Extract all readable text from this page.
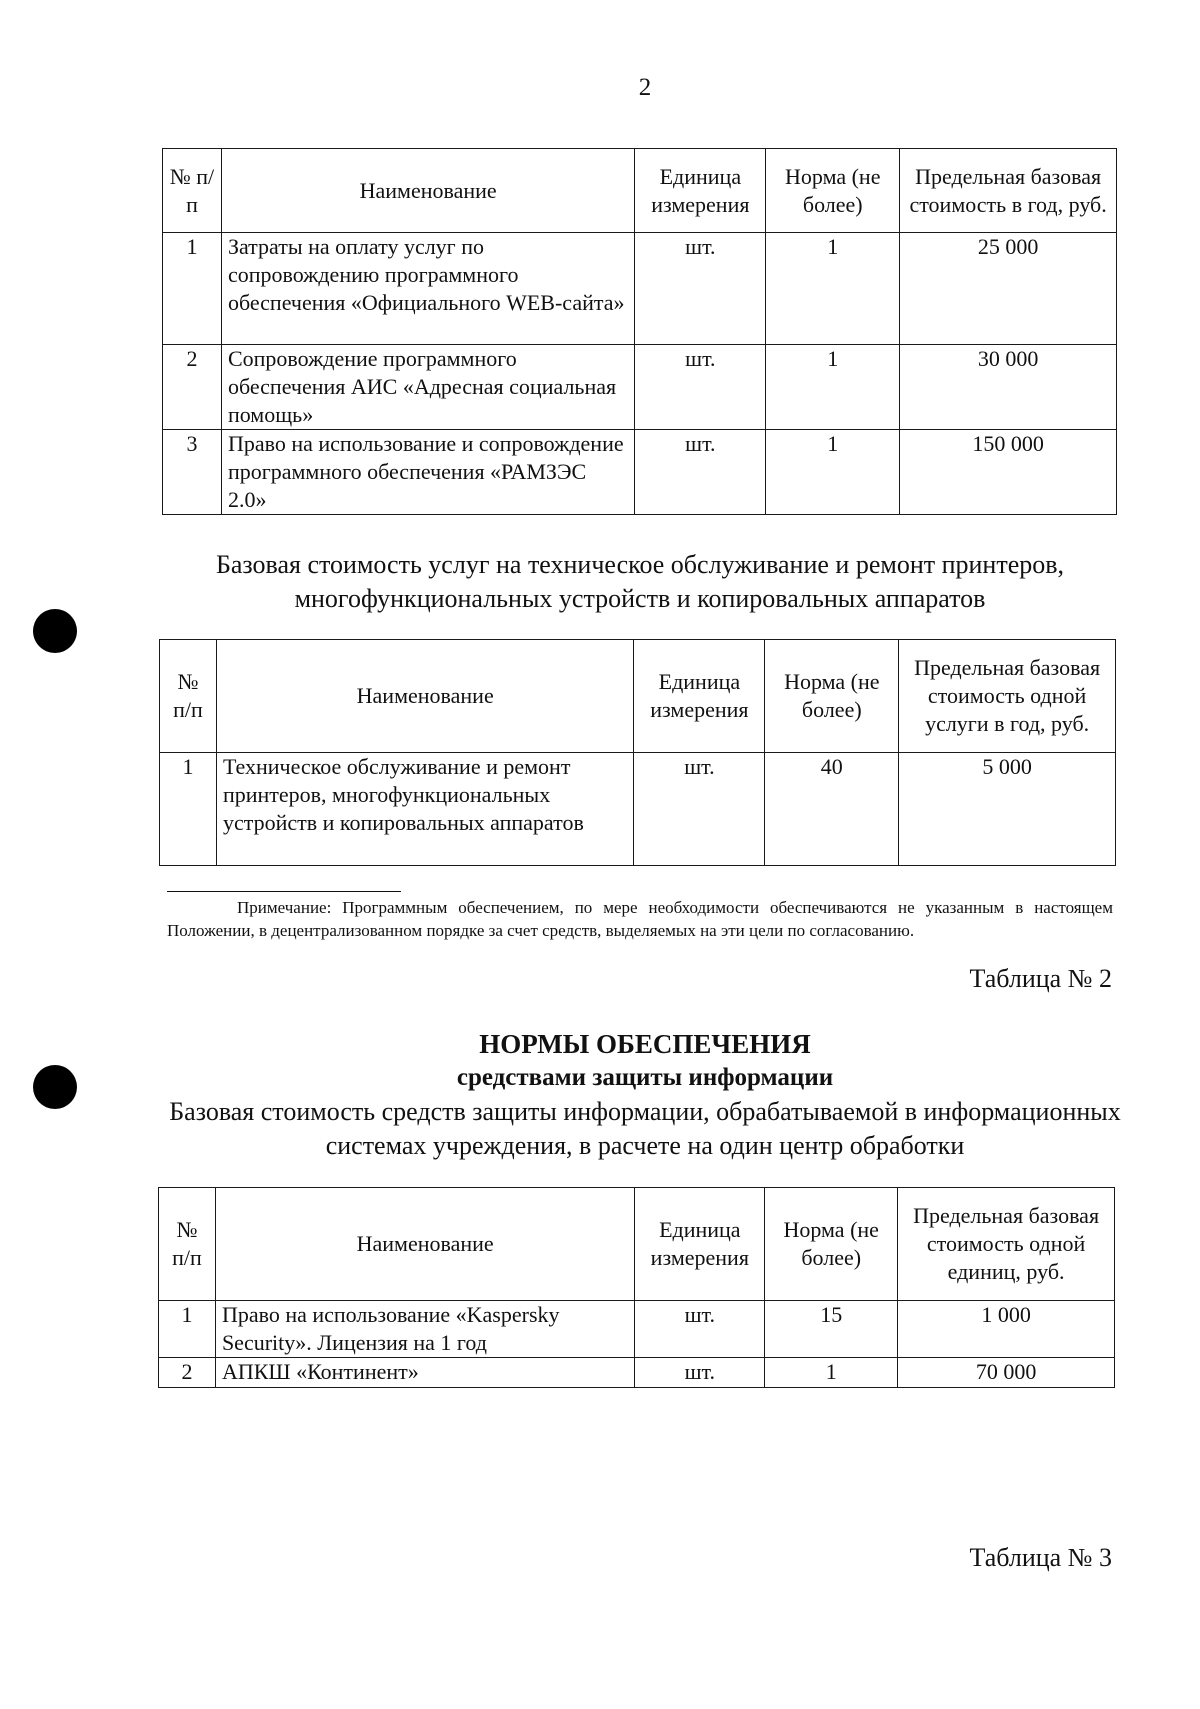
2
№ п/п	Наименование	Единица измерения	Норма (не более)	Предельная базовая стоимость в год, руб.
1	Затраты на оплату услуг по сопровождению программного обеспечения «Официального WEB-сайта»	шт.	1	25 000
2	Сопровождение программного обеспечения АИС «Адресная социальная помощь»	шт.	1	30 000
3	Право на использование и сопровождение программного обеспечения «РАМЗЭС 2.0»	шт.	1	150 000
Базовая стоимость услуг на техническое обслуживание и ремонт принтеров, многофункциональных устройств и копировальных аппаратов
№ п/п	Наименование	Единица измерения	Норма (не более)	Предельная базовая стоимость одной услуги в год, руб.
1	Техническое обслуживание и ремонт принтеров, многофункциональных устройств и копировальных аппаратов	шт.	40	5 000
Примечание: Программным обеспечением, по мере необходимости обеспечиваются не указанным в настоящем Положении, в децентрализованном порядке за счет средств, выделяемых на эти цели по согласованию.
Таблица № 2
НОРМЫ ОБЕСПЕЧЕНИЯ
средствами защиты информации
Базовая стоимость средств защиты информации, обрабатываемой в информационных системах учреждения, в расчете на один центр обработки
№ п/п	Наименование	Единица измерения	Норма (не более)	Предельная базовая стоимость одной единиц, руб.
1	Право на использование «Kaspersky Security». Лицензия на 1 год	шт.	15	1 000
2	АПКШ «Континент»	шт.	1	70 000
Таблица № 3
